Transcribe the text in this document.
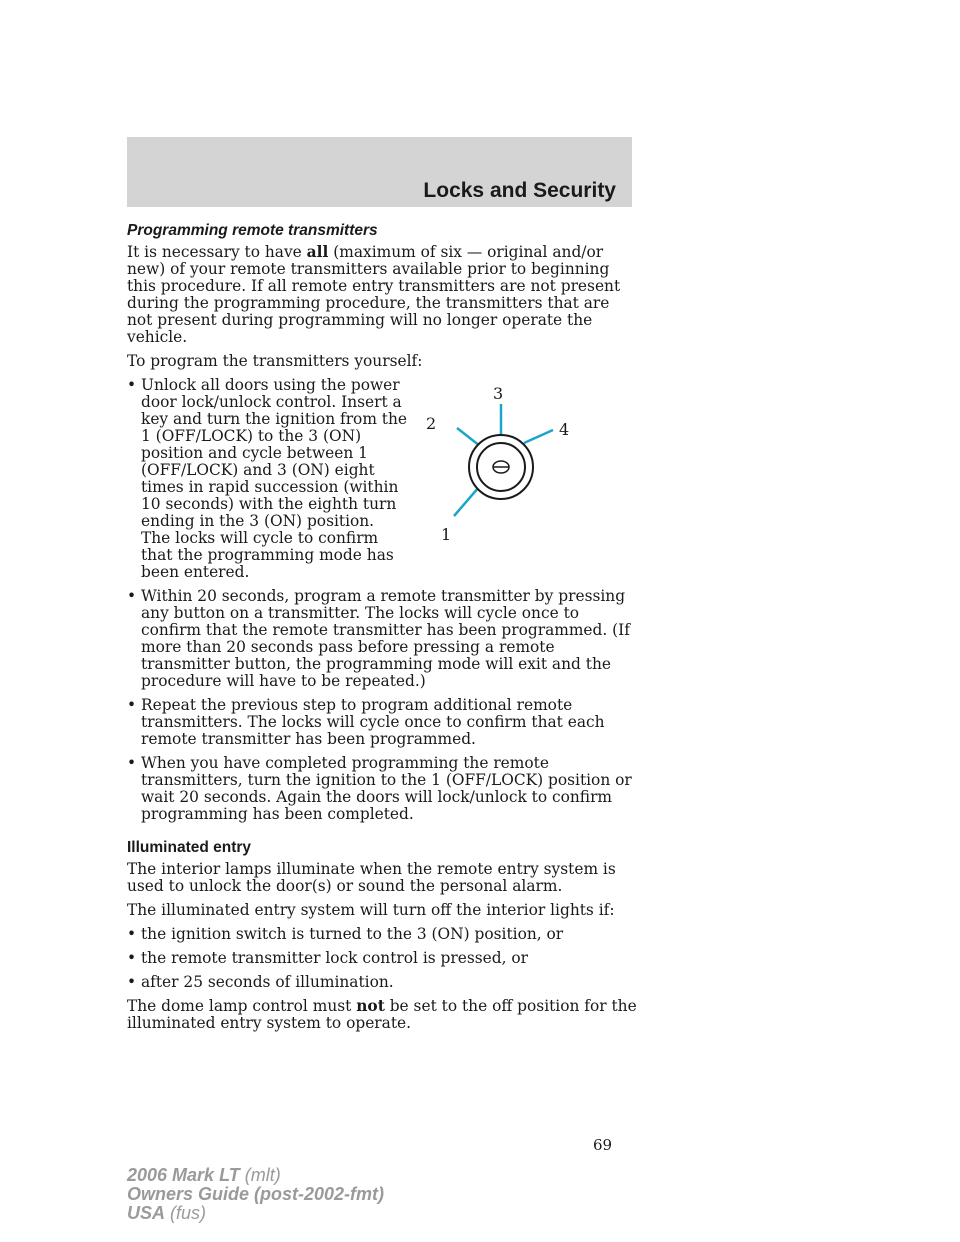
Locks and Security
Programming remote transmitters

It is necessary to have all (maximum of six — original and/or new) of your remote transmitters available prior to beginning this procedure. If all remote entry transmitters are not present during the programming procedure, the transmitters that are not present during programming will no longer operate the vehicle.

To program the transmitters yourself:

1
2
3
4
• Unlock all doors using the power door lock/unlock control. Insert a key and turn the ignition from the 1 (OFF/LOCK) to the 3 (ON) position and cycle between 1 (OFF/LOCK) and 3 (ON) eight times in rapid succession (within 10 seconds) with the eighth turn ending in the 3 (ON) position. The locks will cycle to confirm that the programming mode has been entered.
• Within 20 seconds, program a remote transmitter by pressing any button on a transmitter. The locks will cycle once to confirm that the remote transmitter has been programmed. (If more than 20 seconds pass before pressing a remote transmitter button, the programming mode will exit and the procedure will have to be repeated.)
• Repeat the previous step to program additional remote transmitters. The locks will cycle once to confirm that each remote transmitter has been programmed.
• When you have completed programming the remote transmitters, turn the ignition to the 1 (OFF/LOCK) position or wait 20 seconds. Again the doors will lock/unlock to confirm programming has been completed.
Illuminated entry

The interior lamps illuminate when the remote entry system is used to unlock the door(s) or sound the personal alarm.

The illuminated entry system will turn off the interior lights if:

• the ignition switch is turned to the 3 (ON) position, or
• the remote transmitter lock control is pressed, or
• after 25 seconds of illumination.

The dome lamp control must not be set to the off position for the illuminated entry system to operate.

69
2006 Mark LT (mlt)
Owners Guide (post-2002-fmt)
USA (fus)
